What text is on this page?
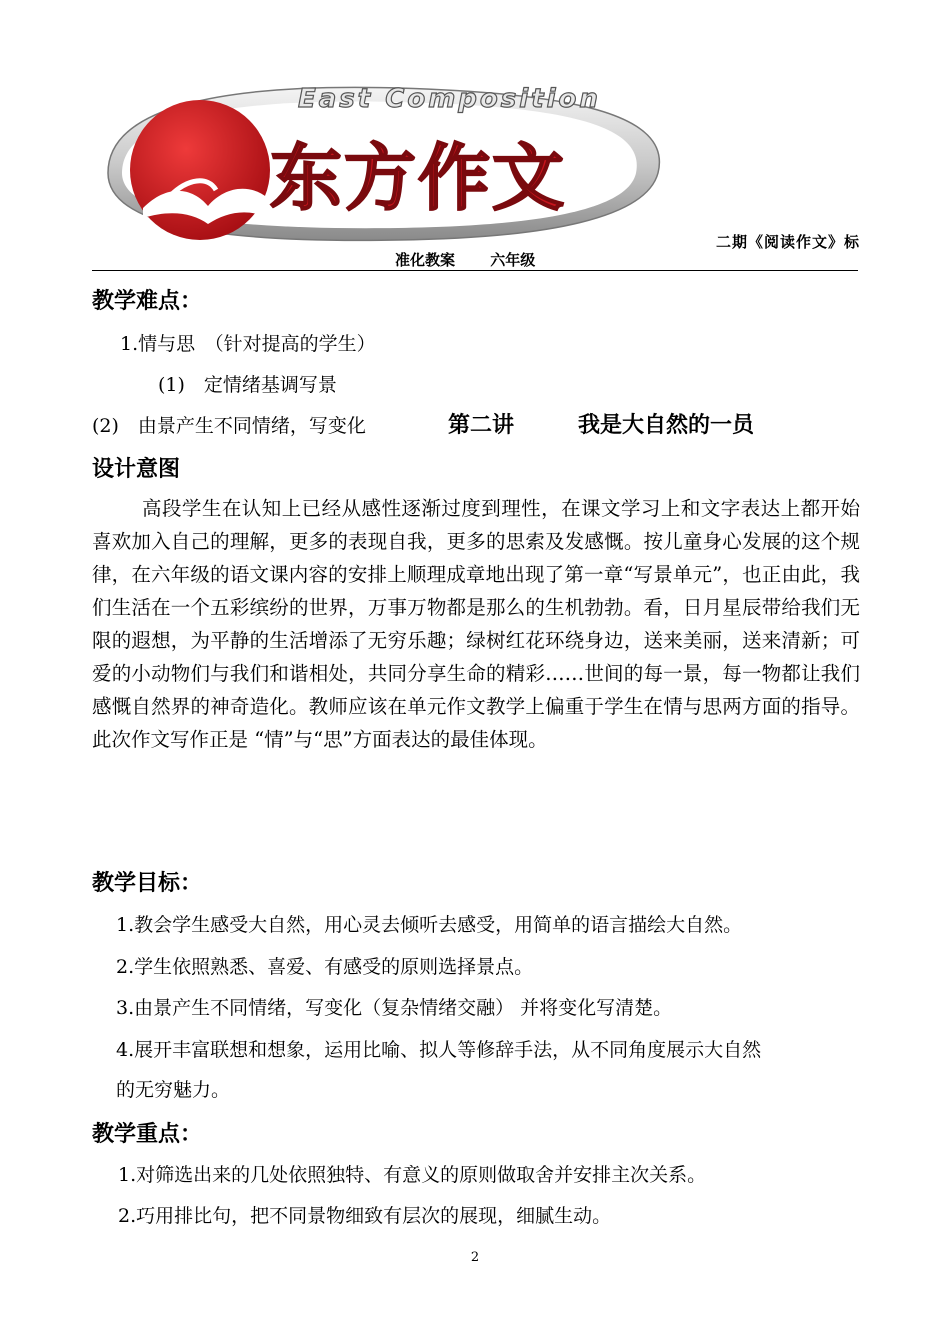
East Composition
东方作文
二期《阅读作文》标
准化教案 六年级
教学难点：
1.情与思　（针对提高的学生）
(1)　定情绪基调写景
(2)　由景产生不同情绪，写变化	第二讲	我是大自然的一员
设计意图
高段学生在认知上已经从感性逐渐过度到理性，在课文学习上和文字表达上都开始喜欢加入自己的理解，更多的表现自我，更多的思索及发感慨。按儿童身心发展的这个规律，在六年级的语文课内容的安排上顺理成章地出现了第一章“写景单元”，也正由此，我们生活在一个五彩缤纷的世界，万事万物都是那么的生机勃勃。看，日月星辰带给我们无限的遐想，为平静的生活增添了无穷乐趣；绿树红花环绕身边，送来美丽，送来清新；可爱的小动物们与我们和谐相处，共同分享生命的精彩……世间的每一景，每一物都让我们感慨自然界的神奇造化。教师应该在单元作文教学上偏重于学生在情与思两方面的指导。此次作文写作正是 “情”与“思”方面表达的最佳体现。
教学目标：
1.教会学生感受大自然，用心灵去倾听去感受，用简单的语言描绘大自然。
2.学生依照熟悉、喜爱、有感受的原则选择景点。
3.由景产生不同情绪，写变化（复杂情绪交融） 并将变化写清楚。
4.展开丰富联想和想象，运用比喻、拟人等修辞手法，从不同角度展示大自然
的无穷魅力。
教学重点：
1.对筛选出来的几处依照独特、有意义的原则做取舍并安排主次关系。
2.巧用排比句，把不同景物细致有层次的展现，细腻生动。
2
